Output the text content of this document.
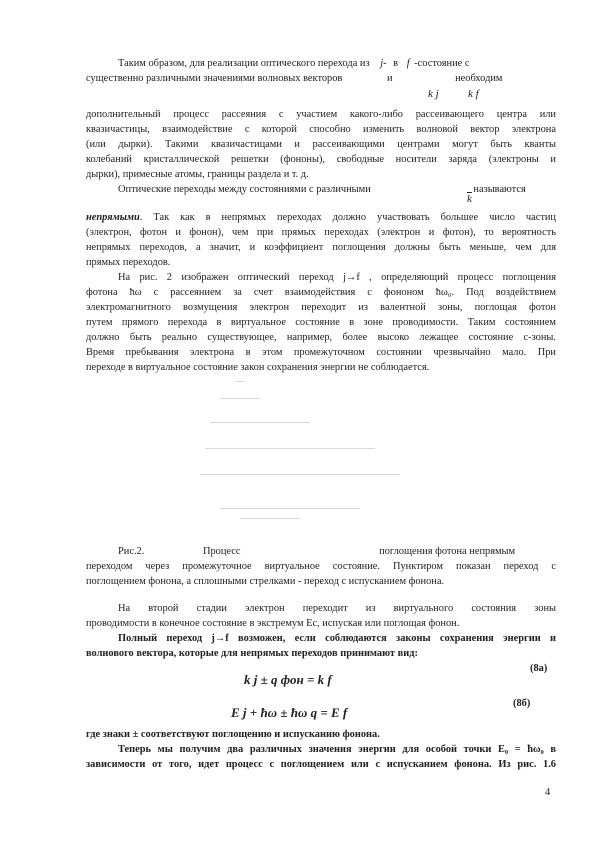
Таким образом, для реализации оптического перехода из j- в f -состояние с
существенно различными значениями волновых векторов	и	необходим
k j	k f
дополнительный процесс рассеяния с участием какого-либо рассеивающего центра или
квазичастицы, взаимодействие с которой способно изменить волновой вектор электрона
(или дырки). Такими квазичастицами и рассеивающими центрами могут быть кванты
колебаний кристаллической решетки (фононы), свободные носители заряда (электроны и
дырки), примесные атомы, границы раздела и т. д.
Оптические переходы между состояниями с различными	называются
$\overline{k}$
непрямыми. Так как в непрямых переходах должно участвовать большее число частиц
(электрон, фотон и фонон), чем при прямых переходах (электрон и фотон), то вероятность
непрямых переходов, а значит, и коэффициент поглощения должны быть меньше, чем для
прямых переходов.
На рис. 2 изображен оптический переход j→f , определяющий процесс поглощения
фотона ħω с рассеянием за счет взаимодействия с фононом ħω₀. Под воздействием
электромагнитного возмущения электрон переходит из валентной зоны, поглощая фотон
путем прямого перехода в виртуальное состояние в зоне проводимости. Таким состоянием
должно быть реально существующее, например, более высоко лежащее состояние c-зоны.
Время пребывания электрона в этом промежуточном состоянии чрезвычайно мало. При
переходе в виртуальное состояние закон сохранения энергии не соблюдается.
Рис.2.	Процесс	поглощения фотона непрямым
переходом через промежуточное виртуальное состояние. Пунктиром показан переход с
поглощением фонона, а сплошными стрелками - переход с испусканием фонона.
На второй стадии электрон переходит из виртуального состояния зоны
проводимости в конечное состояние в экстремум Ec, испуская или поглощая фонон.
Полный переход j→f возможен, если соблюдаются законы сохранения энергии и
волнового вектора, которые для непрямых переходов принимают вид:
k j ± q фон = k f
(8а)
E j + ħω ± ħω q = E f
(8б)
где знаки ± соответствуют поглощению и испусканию фонона.
Теперь мы получим два различных значения энергии для особой точки E₀ = ħω₀ в
зависимости от того, идет процесс с поглощением или с испусканием фонона. Из рис. 1.6
4
